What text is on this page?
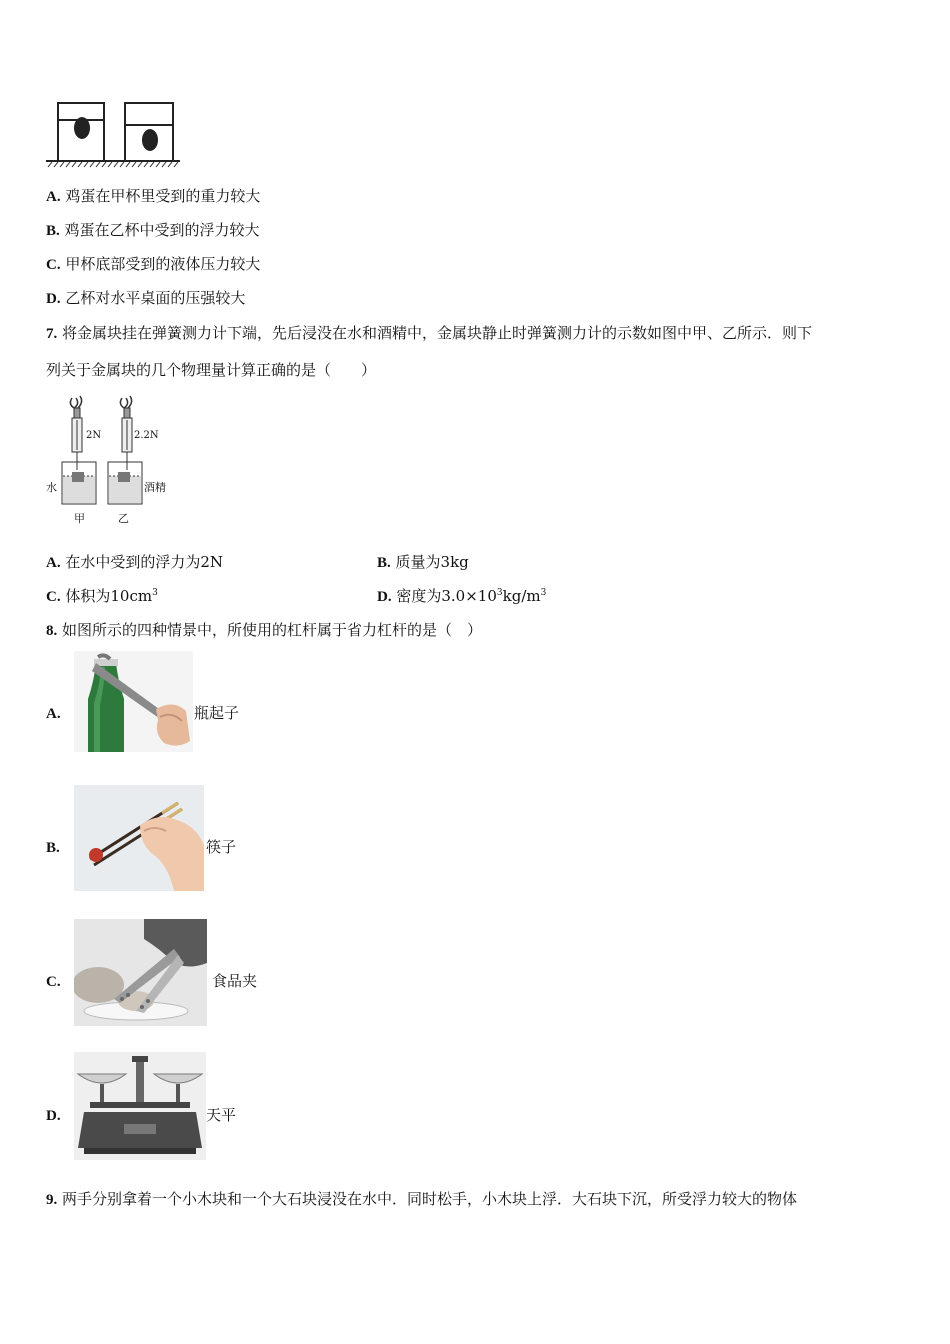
A. 鸡蛋在甲杯里受到的重力较大
B. 鸡蛋在乙杯中受到的浮力较大
C. 甲杯底部受到的液体压力较大
D. 乙杯对水平桌面的压强较大
7. 将金属块挂在弹簧测力计下端，先后浸没在水和酒精中，金属块静止时弹簧测力计的示数如图中甲、乙所示．则下
列关于金属块的几个物理量计算正确的是（　　）
2N	2.2N
水	酒精
甲	乙
A. 在水中受到的浮力为2N	B. 质量为3kg
C. 体积为$10cm^3$	D. 密度为$3.0\times 10^3kg/m^3$
8. 如图所示的四种情景中，所使用的杠杆属于省力杠杆的是（　）
A.	瓶起子
B.	筷子
C.	食品夹
D.	天平
9. 两手分别拿着一个小木块和一个大石块浸没在水中．同时松手，小木块上浮．大石块下沉，所受浮力较大的物体
